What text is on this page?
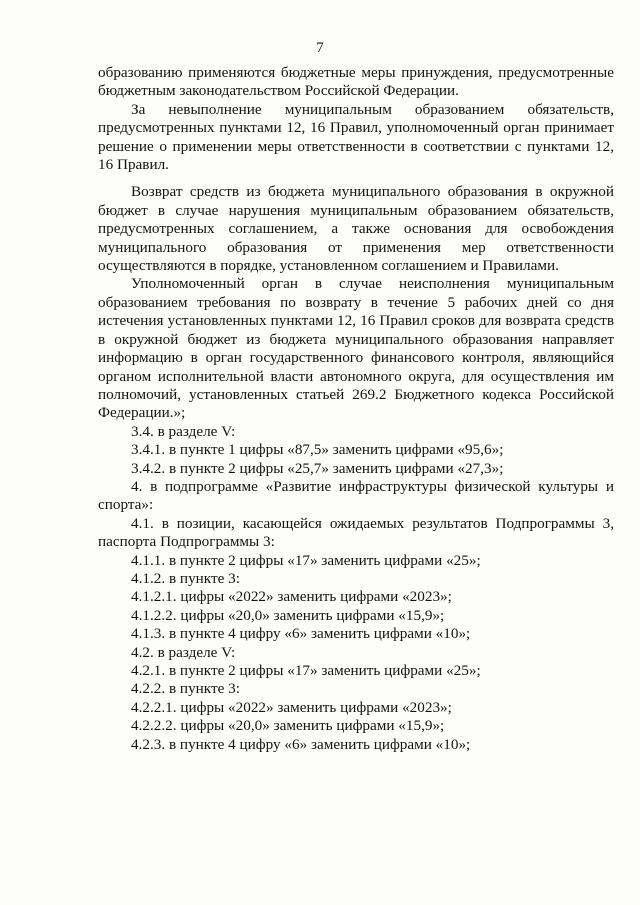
7

образованию применяются бюджетные меры принуждения, предусмотренные бюджетным законодательством Российской Федерации.

За невыполнение муниципальным образованием обязательств, предусмотренных пунктами 12, 16 Правил, уполномоченный орган принимает решение о применении меры ответственности в соответствии с пунктами 12, 16 Правил.

Возврат средств из бюджета муниципального образования в окружной бюджет в случае нарушения муниципальным образованием обязательств, предусмотренных соглашением, а также основания для освобождения муниципального образования от применения мер ответственности осуществляются в порядке, установленном соглашением и Правилами.

Уполномоченный орган в случае неисполнения муниципальным образованием требования по возврату в течение 5 рабочих дней со дня истечения установленных пунктами 12, 16 Правил сроков для возврата средств в окружной бюджет из бюджета муниципального образования направляет информацию в орган государственного финансового контроля, являющийся органом исполнительной власти автономного округа, для осуществления им полномочий, установленных статьей 269.2 Бюджетного кодекса Российской Федерации.»;

3.4. в разделе V:

3.4.1. в пункте 1 цифры «87,5» заменить цифрами «95,6»;

3.4.2. в пункте 2 цифры «25,7» заменить цифрами «27,3»;

4. в подпрограмме «Развитие инфраструктуры физической культуры и спорта»:

4.1. в позиции, касающейся ожидаемых результатов Подпрограммы 3, паспорта Подпрограммы 3:

4.1.1. в пункте 2 цифры «17» заменить цифрами «25»;

4.1.2. в пункте 3:

4.1.2.1. цифры «2022» заменить цифрами «2023»;

4.1.2.2. цифры «20,0» заменить цифрами «15,9»;

4.1.3. в пункте 4 цифру «6» заменить цифрами «10»;

4.2. в разделе V:

4.2.1. в пункте 2 цифры «17» заменить цифрами «25»;

4.2.2. в пункте 3:

4.2.2.1. цифры «2022» заменить цифрами «2023»;

4.2.2.2. цифры «20,0» заменить цифрами «15,9»;

4.2.3. в пункте 4 цифру «6» заменить цифрами «10»;
